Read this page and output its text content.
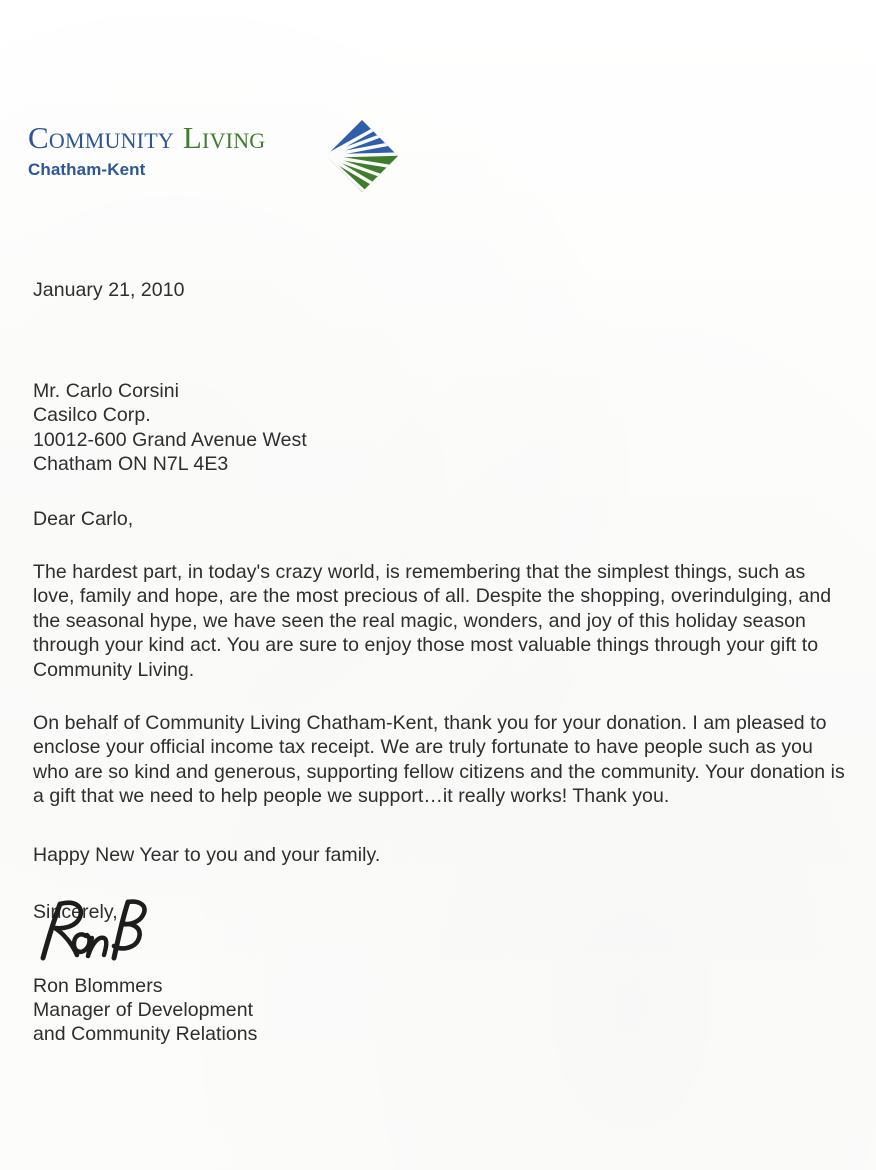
Community Living
Chatham-Kent
January 21, 2010
Mr. Carlo Corsini
Casilco Corp.
10012-600 Grand Avenue West
Chatham ON N7L 4E3
Dear Carlo,

The hardest part, in today's crazy world, is remembering that the simplest things, such as love, family and hope, are the most precious of all. Despite the shopping, overindulging, and the seasonal hype, we have seen the real magic, wonders, and joy of this holiday season through your kind act. You are sure to enjoy those most valuable things through your gift to Community Living.

On behalf of Community Living Chatham-Kent, thank you for your donation. I am pleased to enclose your official income tax receipt. We are truly fortunate to have people such as you who are so kind and generous, supporting fellow citizens and the community. Your donation is a gift that we need to help people we support…it really works! Thank you.

Happy New Year to you and your family.
Sincerely,
Ron Blommers
Manager of Development
and Community Relations
